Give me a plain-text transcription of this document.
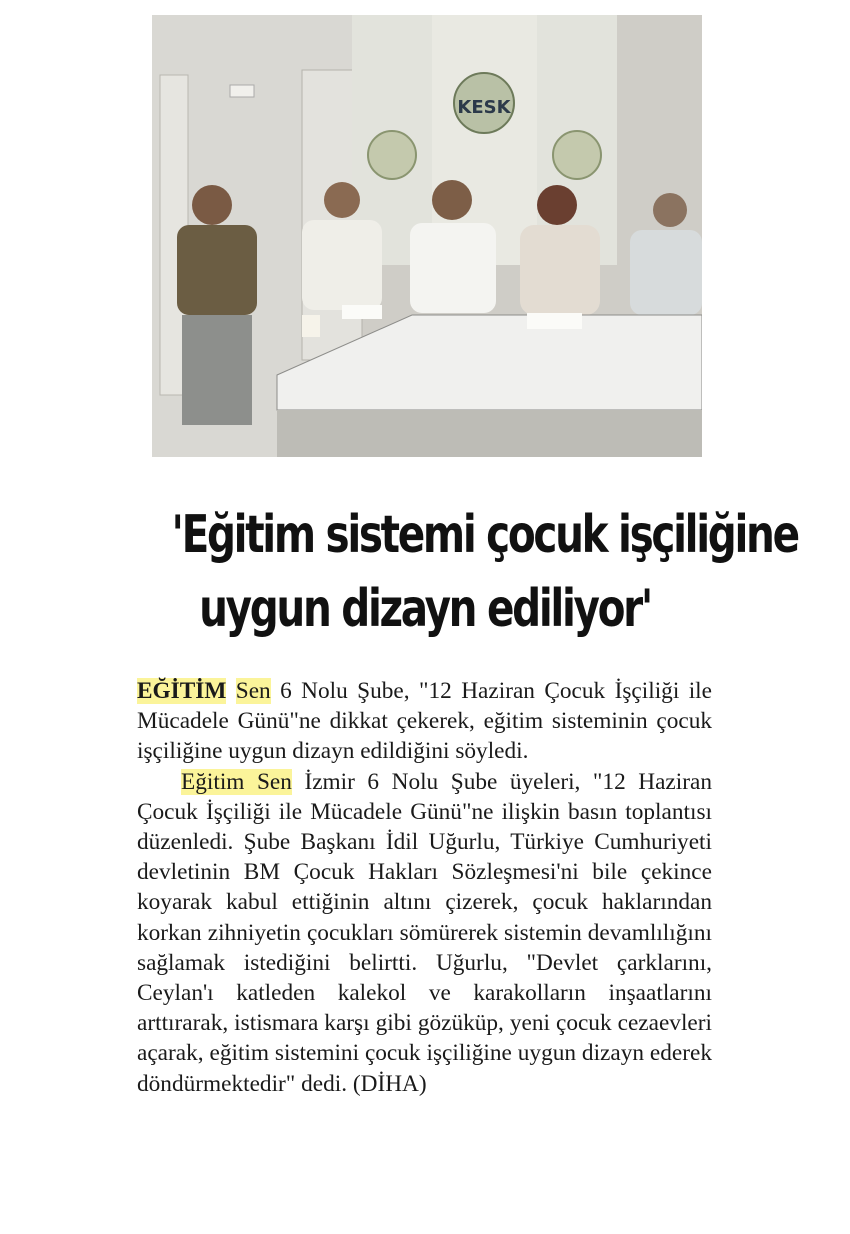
KESK
'Eğitim sistemi çocuk işçiliğine
uygun dizayn ediliyor'

EĞİTİM Sen 6 Nolu Şube, "12 Haziran Çocuk İşçiliği ile Mücadele Günü"ne dikkat çekerek, eğitim sisteminin çocuk işçiliğine uygun dizayn edildiğini söyledi.

Eğitim Sen İzmir 6 Nolu Şube üyeleri, "12 Haziran Çocuk İşçiliği ile Mücadele Günü"ne ilişkin basın toplantısı düzenledi. Şube Başkanı İdil Uğurlu, Türkiye Cumhuriyeti devletinin BM Çocuk Hakları Sözleşmesi'ni bile çekince koyarak kabul ettiğinin altını çizerek, çocuk haklarından korkan zihniyetin çocukları sömürerek sistemin devamlılığını sağlamak istediğini belirtti. Uğurlu, "Devlet çarklarını, Ceylan'ı katleden kalekol ve karakolların inşaatlarını arttırarak, istismara karşı gibi gözüküp, yeni çocuk cezaevleri açarak, eğitim sistemini çocuk işçiliğine uygun dizayn ederek döndürmektedir" dedi. (DİHA)
